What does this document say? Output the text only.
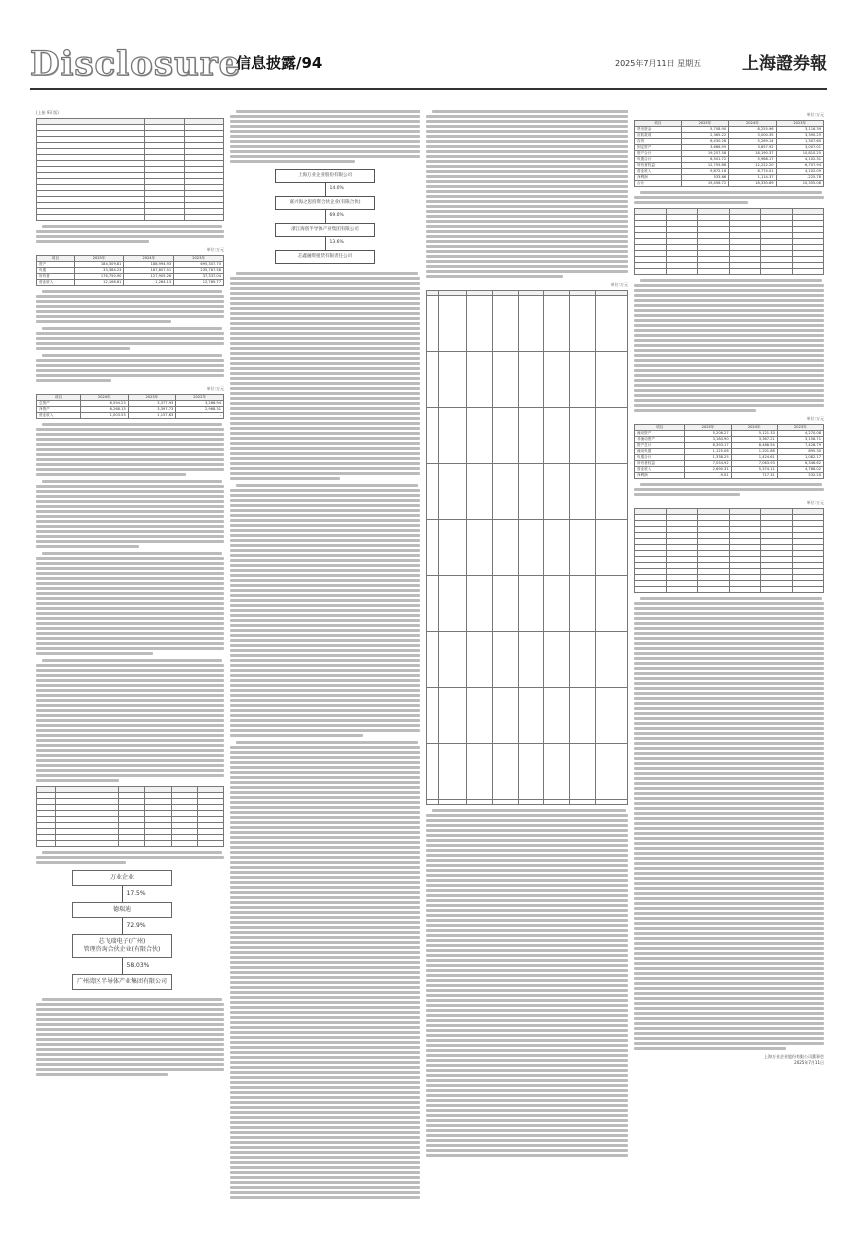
Disclosure
信息披露/94	2025年7月11日 星期五 上海證券報
(上接 93 版)

单位:万元
项目	2025年	2024年	2023年
资产	184,309.81	188,994.93	695,307.70
负债	33,384.23	167,807.51	235,767.58
所有者	176,750.90	127,905.26	37,337.04
营业收入	12,166.81	1,264.13	12,789.77
单位:万元
项目	2024年	2023年	2022年
总资产	6,594.23	3,377.93	3,266.94
净资产	6,268.13	3,397.73	2,968.31
营业收入	1,003.53	1,157.63	-

万业企业
17.5%
德瑞迪
72.9%
芯飞瑞电子(广州)
管理咨询合伙企业(有限合伙)
58.03%
广州湾区半导体产业集团有限公司
上海万业企业股份有限公司
14.0%
嘉兴海之思投资合伙企业(有限合伙)
69.0%
浙江海创半导体产业集团有限公司
13.6%
芯鑫融资租赁有限责任公司
单位:万元

单位:万元
项目	2025年	2024年	2023年
货币资金	5,708.90	8,255.96	3,116.39
应收款项	2,365.22	3,000.35	3,390.25
存货	6,430.28	5,269.14	1,307.60
固定资产	3,666.59	3,657.92	3,007.01
资产合计	19,257.58	18,190.37	10,810.25
负债合计	6,501.72	5,968.17	4,102.31
所有者权益	12,755.86	12,222.20	6,707.94
营业收入	9,872.16	8,774.01	4,102.09
净利润	533.66	1,114.37	-225.78
合计	19,456.72	18,330.69	10,355.08

单位:万元
项目	2025年	2024年	2023年
流动资产	5,208.27	5,121.33	4,270.08
非流动资产	3,184.90	3,367.21	3,158.71
资产总计	8,393.17	8,488.54	7,428.79
流动负债	1,125.06	1,201.88	895.30
负债合计	1,338.25	1,424.61	1,082.17
所有者权益	7,054.92	7,063.93	6,346.62
营业收入	2,690.31	5,374.11	4,788.02
净利润	-9.01	717.31	532.20
单位:万元

上海万业企业股份有限公司董事会
2025年7月11日
